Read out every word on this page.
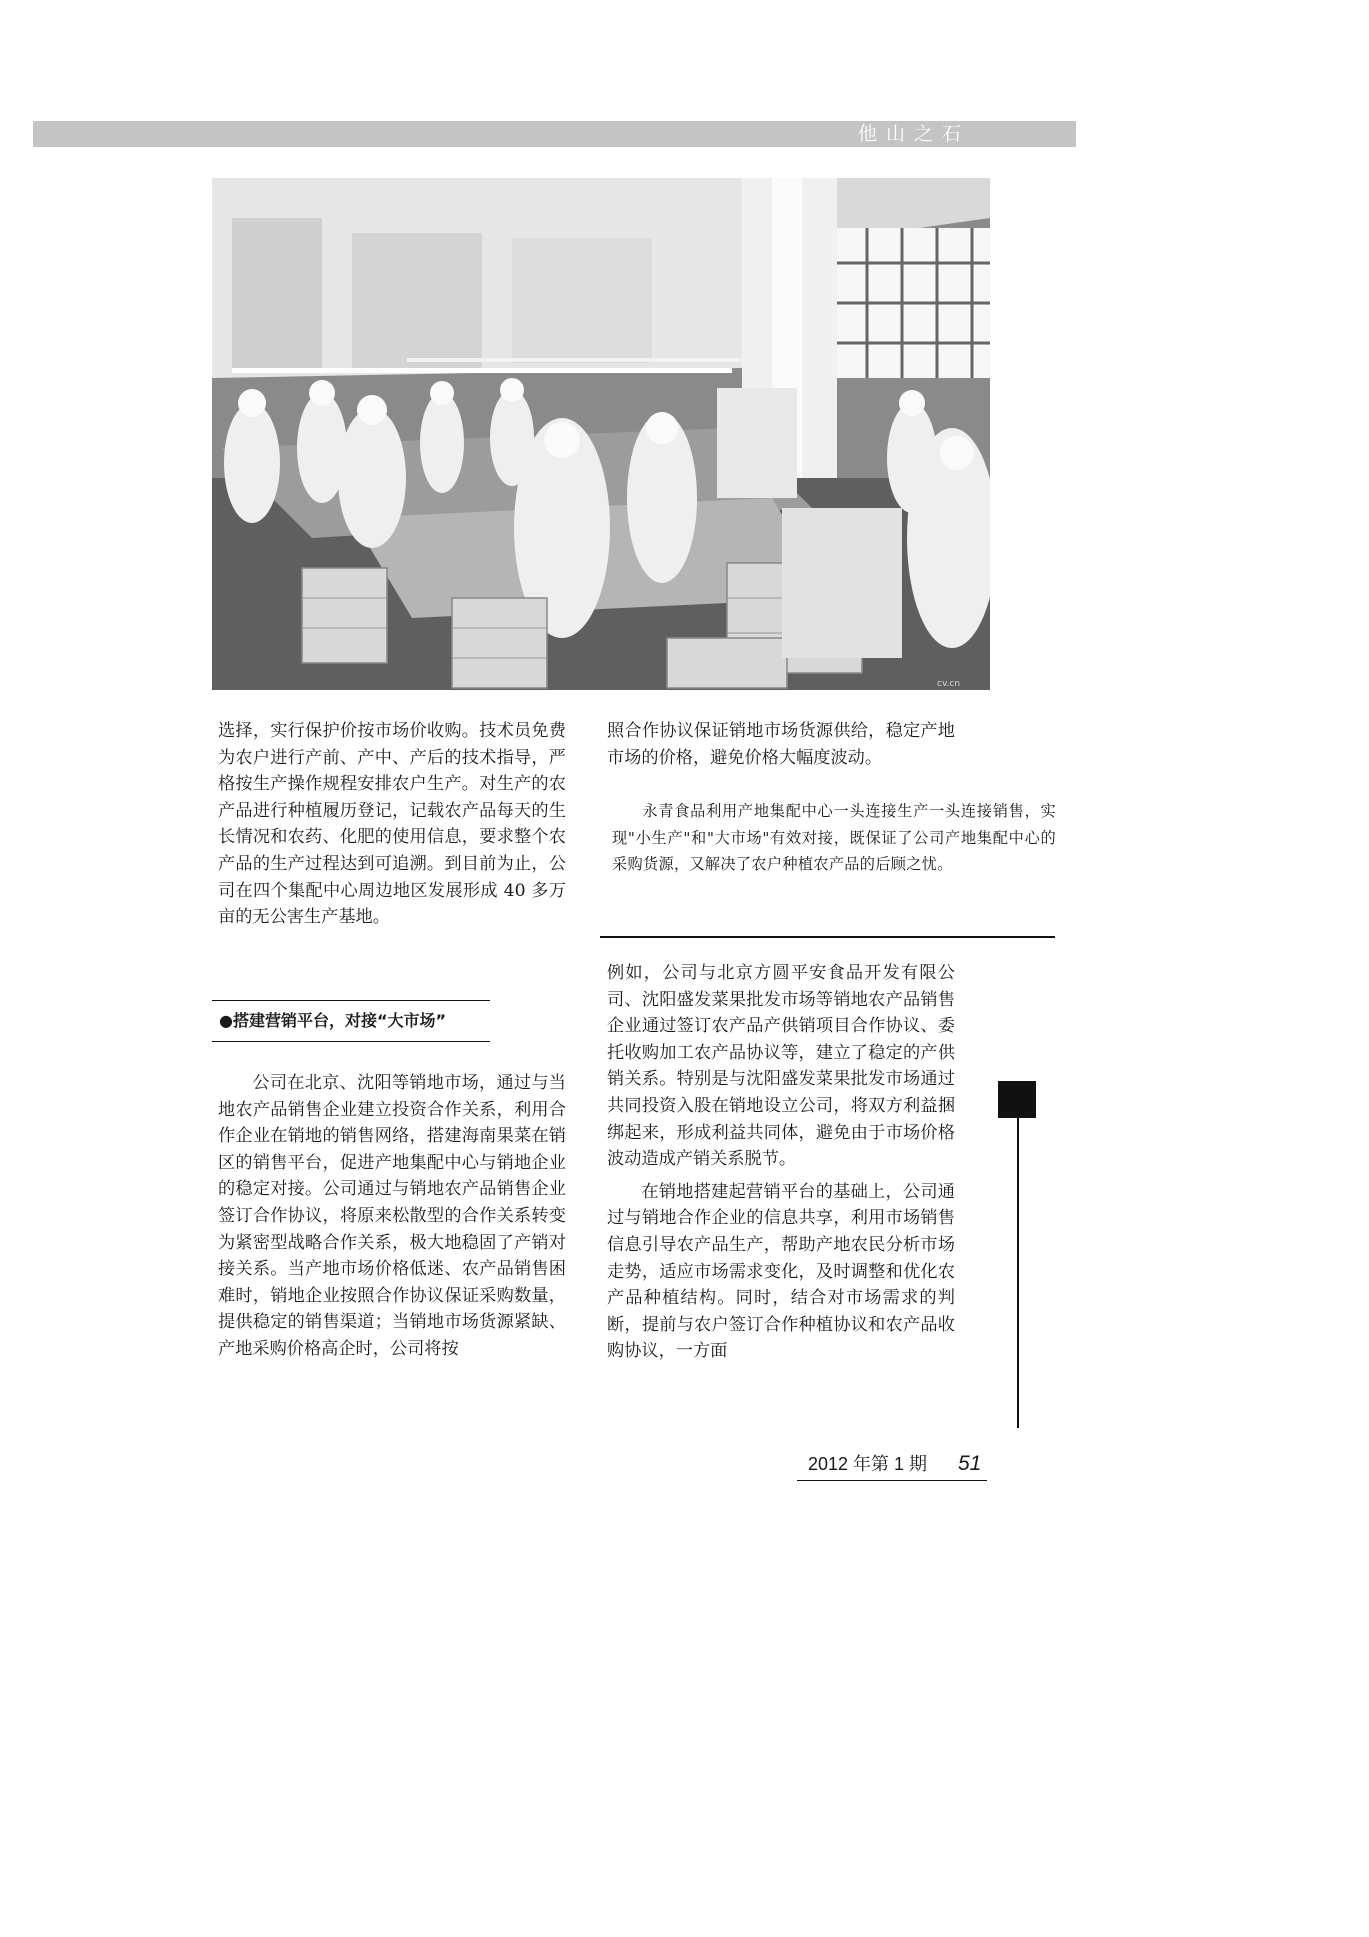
他山之石
cv.cn

选择，实行保护价按市场价收购。技术员免费为农户进行产前、产中、产后的技术指导，严格按生产操作规程安排农户生产。对生产的农产品进行种植履历登记，记载农产品每天的生长情况和农药、化肥的使用信息，要求整个农产品的生产过程达到可追溯。到目前为止，公司在四个集配中心周边地区发展形成 40 多万亩的无公害生产基地。

●搭建营销平台，对接“大市场”

公司在北京、沈阳等销地市场，通过与当地农产品销售企业建立投资合作关系，利用合作企业在销地的销售网络，搭建海南果菜在销区的销售平台，促进产地集配中心与销地企业的稳定对接。公司通过与销地农产品销售企业签订合作协议，将原来松散型的合作关系转变为紧密型战略合作关系，极大地稳固了产销对接关系。当产地市场价格低迷、农产品销售困难时，销地企业按照合作协议保证采购数量，提供稳定的销售渠道；当销地市场货源紧缺、产地采购价格高企时，公司将按

照合作协议保证销地市场货源供给，稳定产地市场的价格，避免价格大幅度波动。

永青食品利用产地集配中心一头连接生产一头连接销售，实现"小生产"和"大市场"有效对接，既保证了公司产地集配中心的采购货源，又解决了农户种植农产品的后顾之忧。

例如，公司与北京方圆平安食品开发有限公司、沈阳盛发菜果批发市场等销地农产品销售企业通过签订农产品产供销项目合作协议、委托收购加工农产品协议等，建立了稳定的产供销关系。特别是与沈阳盛发菜果批发市场通过共同投资入股在销地设立公司，将双方利益捆绑起来，形成利益共同体，避免由于市场价格波动造成产销关系脱节。

在销地搭建起营销平台的基础上，公司通过与销地合作企业的信息共享，利用市场销售信息引导农产品生产，帮助产地农民分析市场走势，适应市场需求变化，及时调整和优化农产品种植结构。同时，结合对市场需求的判断，提前与农户签订合作种植协议和农产品收购协议，一方面

2012 年第 1 期 51
